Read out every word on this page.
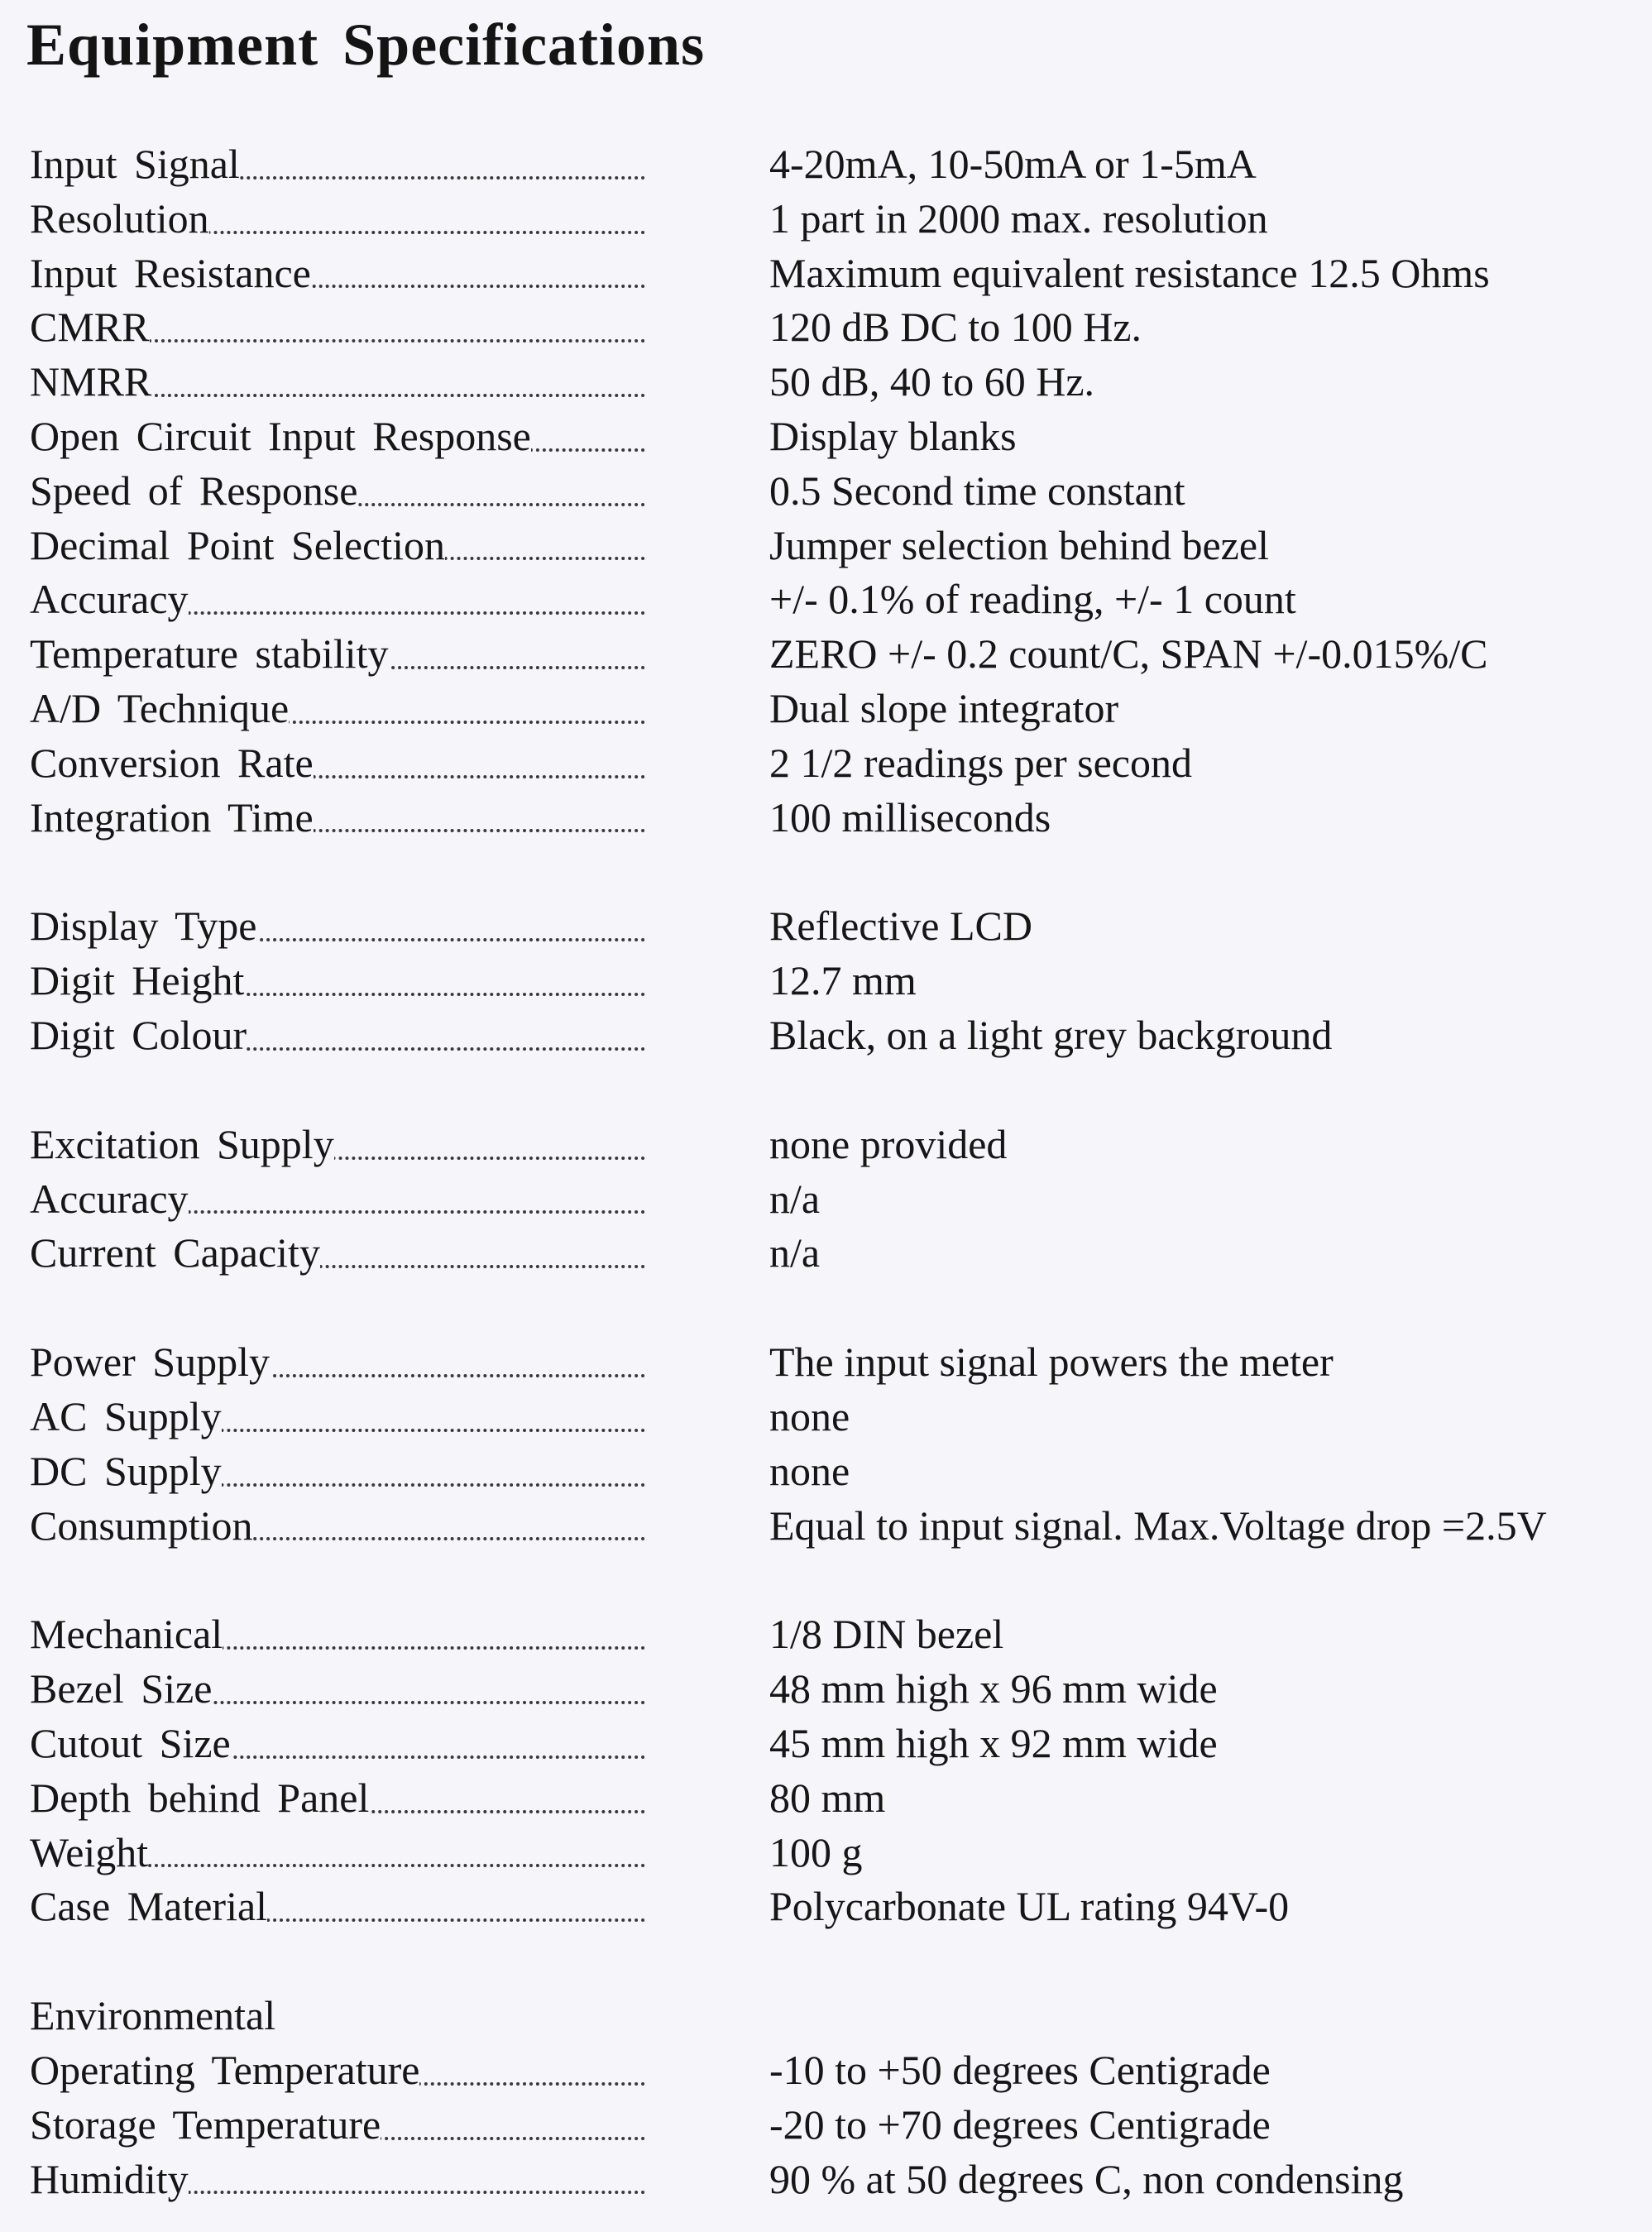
Equipment Specifications
Input Signal	4-20mA, 10-50mA or 1-5mA
Resolution	1 part in 2000 max. resolution
Input Resistance	Maximum equivalent resistance 12.5 Ohms
CMRR	120 dB DC to 100 Hz.
NMRR	50 dB, 40 to 60 Hz.
Open Circuit Input Response	Display blanks
Speed of Response	0.5 Second time constant
Decimal Point Selection	Jumper selection behind bezel
Accuracy	+/- 0.1% of reading, +/- 1 count
Temperature stability	ZERO +/- 0.2 count/C, SPAN +/-0.015%/C
A/D Technique	Dual slope integrator
Conversion Rate	2 1/2 readings per second
Integration Time	100 milliseconds
Display Type	Reflective LCD
Digit Height	12.7 mm
Digit Colour	Black, on a light grey background
Excitation Supply	none provided
Accuracy	n/a
Current Capacity	n/a
Power Supply	The input signal powers the meter
AC Supply	none
DC Supply	none
Consumption	Equal to input signal. Max.Voltage drop =2.5V
Mechanical	1/8 DIN bezel
Bezel Size	48 mm high x 96 mm wide
Cutout Size	45 mm high x 92 mm wide
Depth behind Panel	80 mm
Weight	100 g
Case Material	Polycarbonate UL rating 94V-0
Environmental
Operating Temperature	-10 to +50 degrees Centigrade
Storage Temperature	-20 to +70 degrees Centigrade
Humidity	90 % at 50 degrees C, non condensing
